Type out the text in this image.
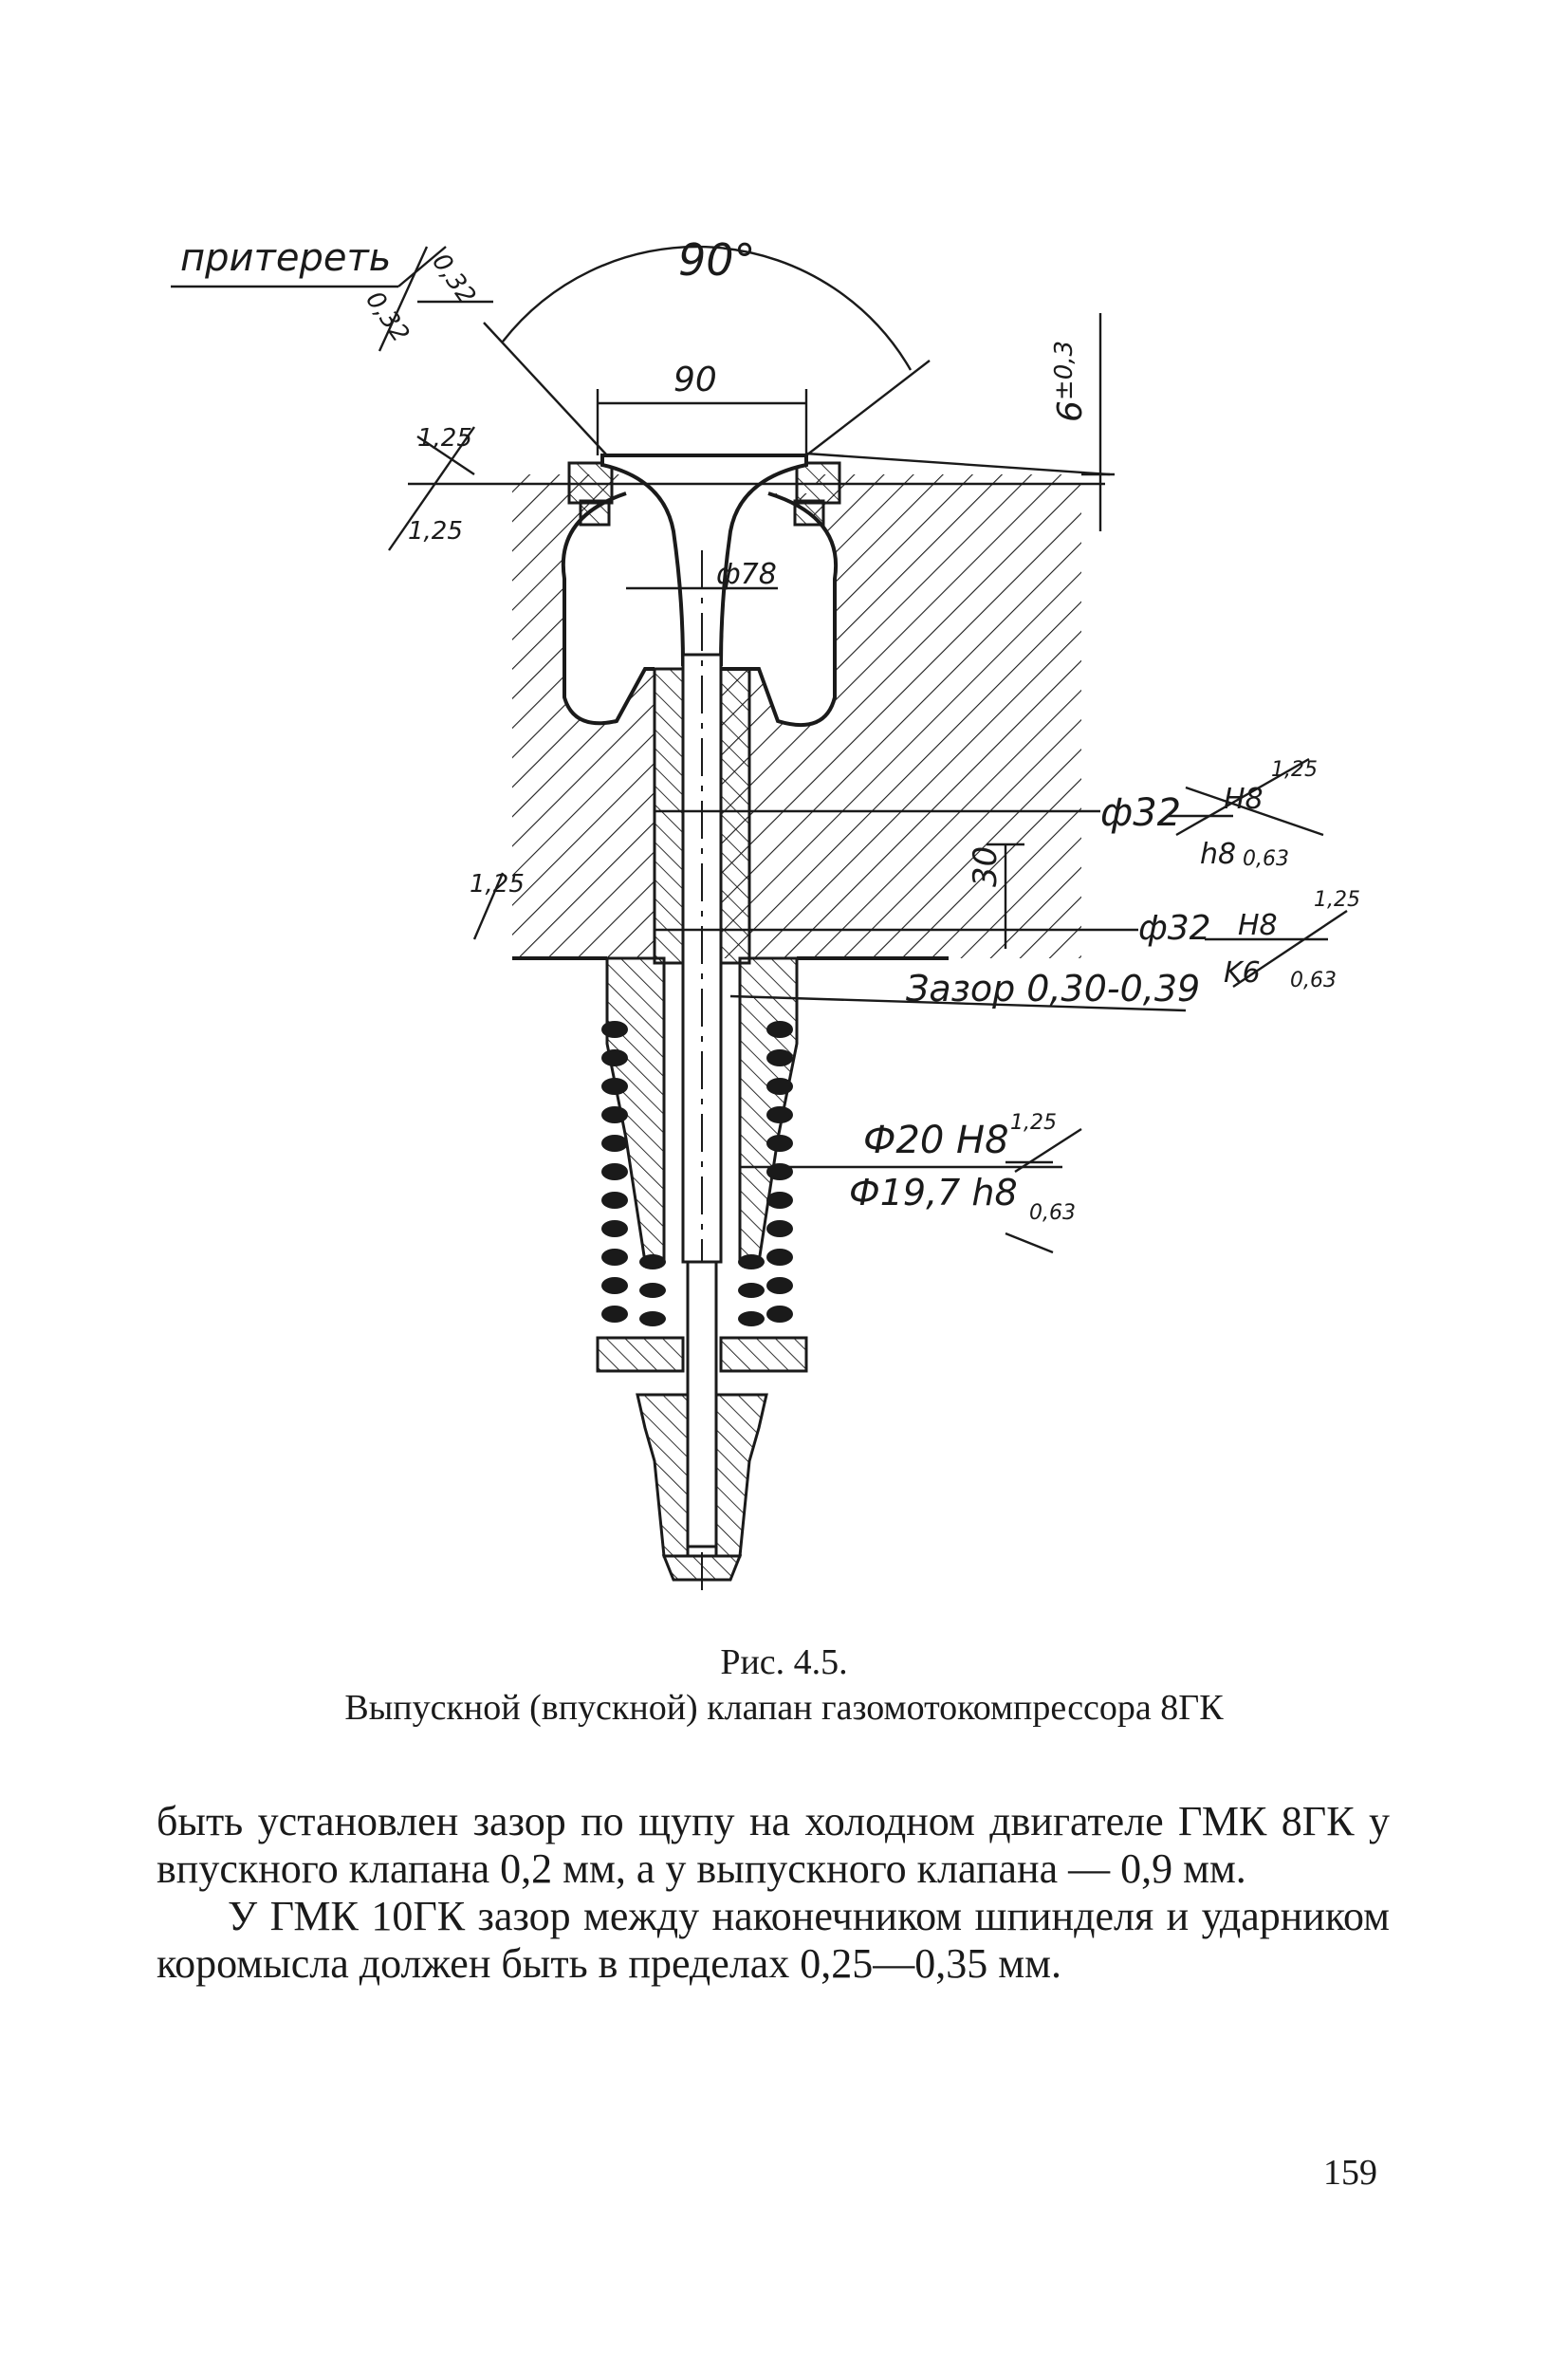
притереть 0,32
0,32
90°
90
$6^{\pm 0,3}$
1,25
1,25
ф78
ф32 H8
h8
1,25
0,63
30
1,25
ф32 H8
K6
1,25
0,63
Зазор 0,30-0,39
Ф20 H8
Ф19,7 h8
1,25
0,63
Рис. 4.5.
Выпускной (впускной) клапан газомотокомпрессора 8ГК

быть установлен зазор по щупу на холодном двигателе ГМК 8ГК у впускного клапана 0,2 мм, а у выпускного клапана — 0,9 мм.

У ГМК 10ГК зазор между наконечником шпинделя и ударником коромысла должен быть в пределах 0,25—0,35 мм.

159
